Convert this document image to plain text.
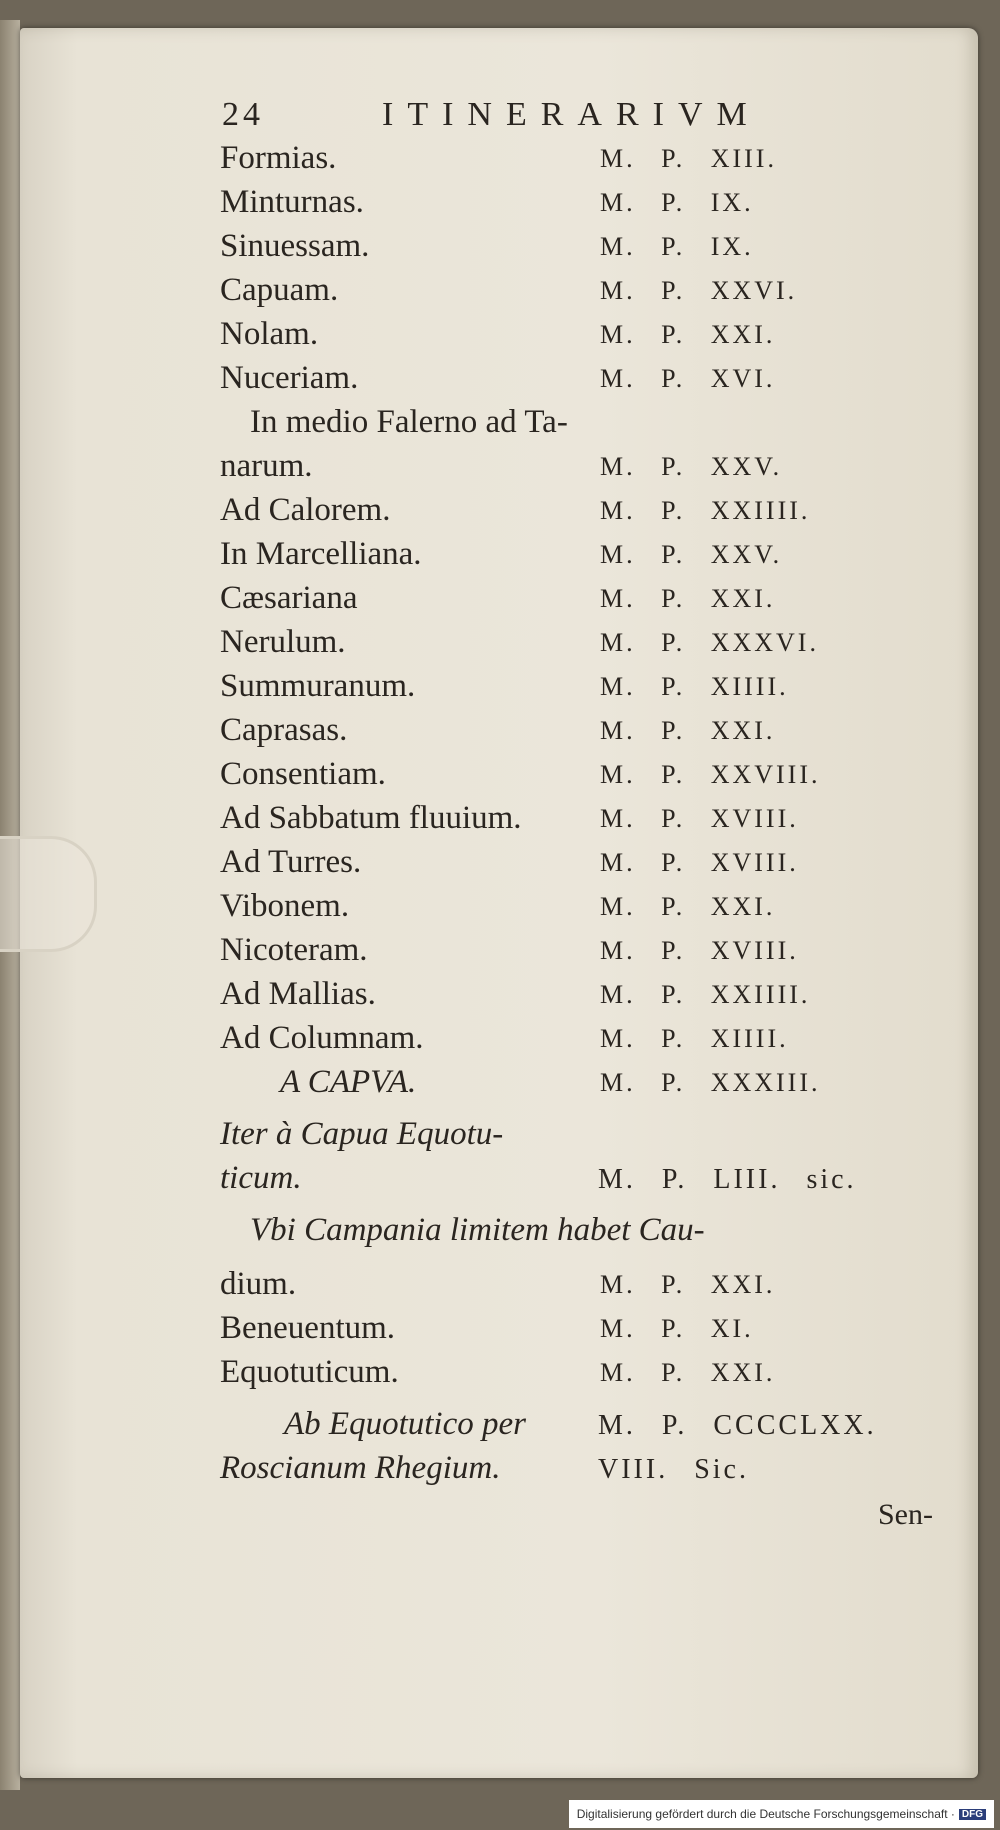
24	ITINERARIVM
Formias.	M. P. XIII.
Minturnas.	M. P. IX.
Sinuessam.	M. P. IX.
Capuam.	M. P. XXVI.
Nolam.	M. P. XXI.
Nuceriam.	M. P. XVI.
In medio Falerno ad Ta-
narum.	M. P. XXV.
Ad Calorem.	M. P. XXIIII.
In Marcelliana.	M. P. XXV.
Cæsariana	M. P. XXI.
Nerulum.	M. P. XXXVI.
Summuranum.	M. P. XIIII.
Caprasas.	M. P. XXI.
Consentiam.	M. P. XXVIII.
Ad Sabbatum fluuium.	M. P. XVIII.
Ad Turres.	M. P. XVIII.
Vibonem.	M. P. XXI.
Nicoteram.	M. P. XVIII.
Ad Mallias.	M. P. XXIIII.
Ad Columnam.	M. P. XIIII.
A CAPVA.	M. P. XXXIII.
Iter à Capua Equotu-
ticum.	M. P. LIII. sic.
Vbi Campania limitem habet Cau-
dium.	M. P. XXI.
Beneuentum.	M. P. XI.
Equotuticum.	M. P. XXI.
Ab Equotutico per	M. P. CCCCLXX.
Roscianum Rhegium.	VIII. Sic.
Sen-
Digitalisierung gefördert durch die Deutsche Forschungsgemeinschaft · DFG
